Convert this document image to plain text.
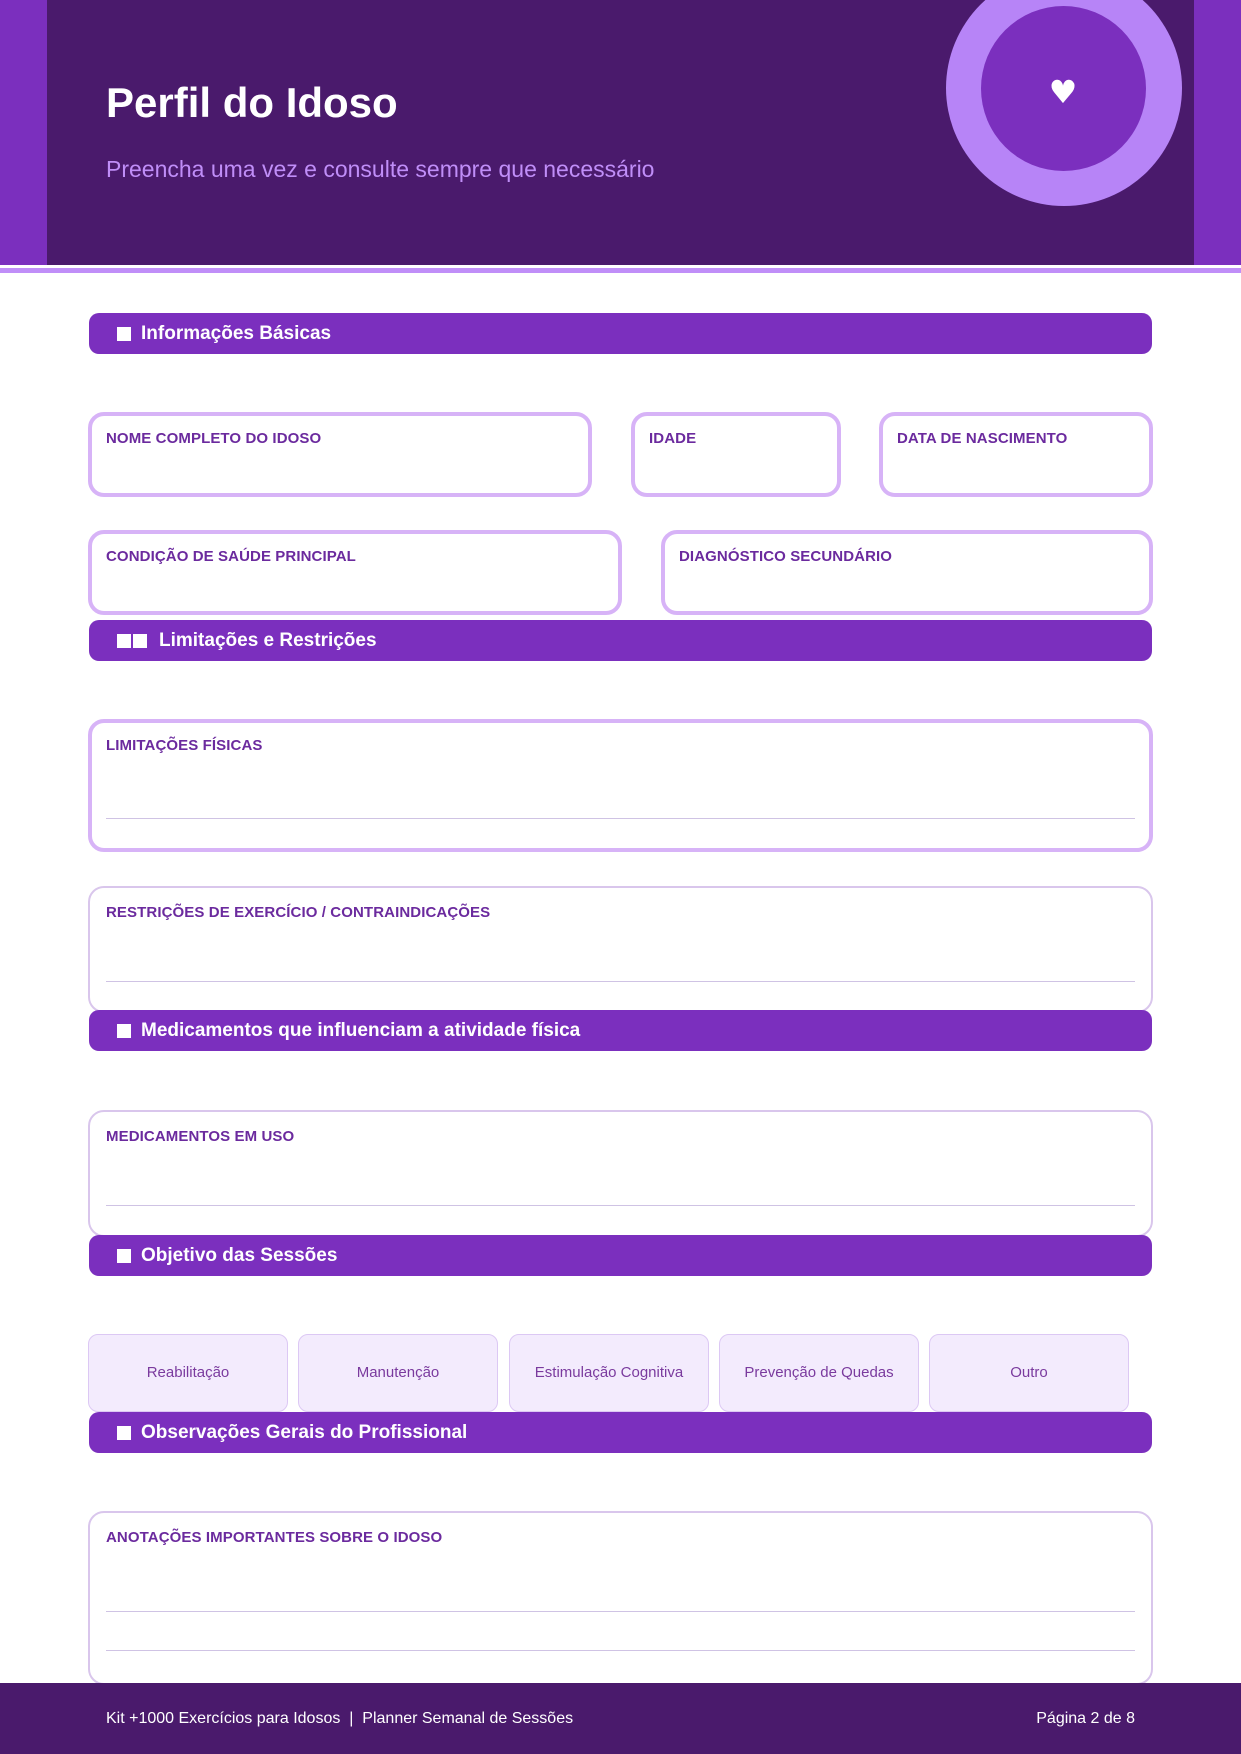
♥
Perfil do Idoso
Preencha uma vez e consulte sempre que necessário
Informações Básicas
NOME COMPLETO DO IDOSO	IDADE	DATA DE NASCIMENTO
CONDIÇÃO DE SAÚDE PRINCIPAL	DIAGNÓSTICO SECUNDÁRIO
Limitações e Restrições
LIMITAÇÕES FÍSICAS
RESTRIÇÕES DE EXERCÍCIO / CONTRAINDICAÇÕES
Medicamentos que influenciam a atividade física
MEDICAMENTOS EM USO
Objetivo das Sessões
Reabilitação	Manutenção	Estimulação Cognitiva	Prevenção de Quedas	Outro
Observações Gerais do Profissional
ANOTAÇÕES IMPORTANTES SOBRE O IDOSO
Kit +1000 Exercícios para Idosos  |  Planner Semanal de Sessões	Página 2 de 8
